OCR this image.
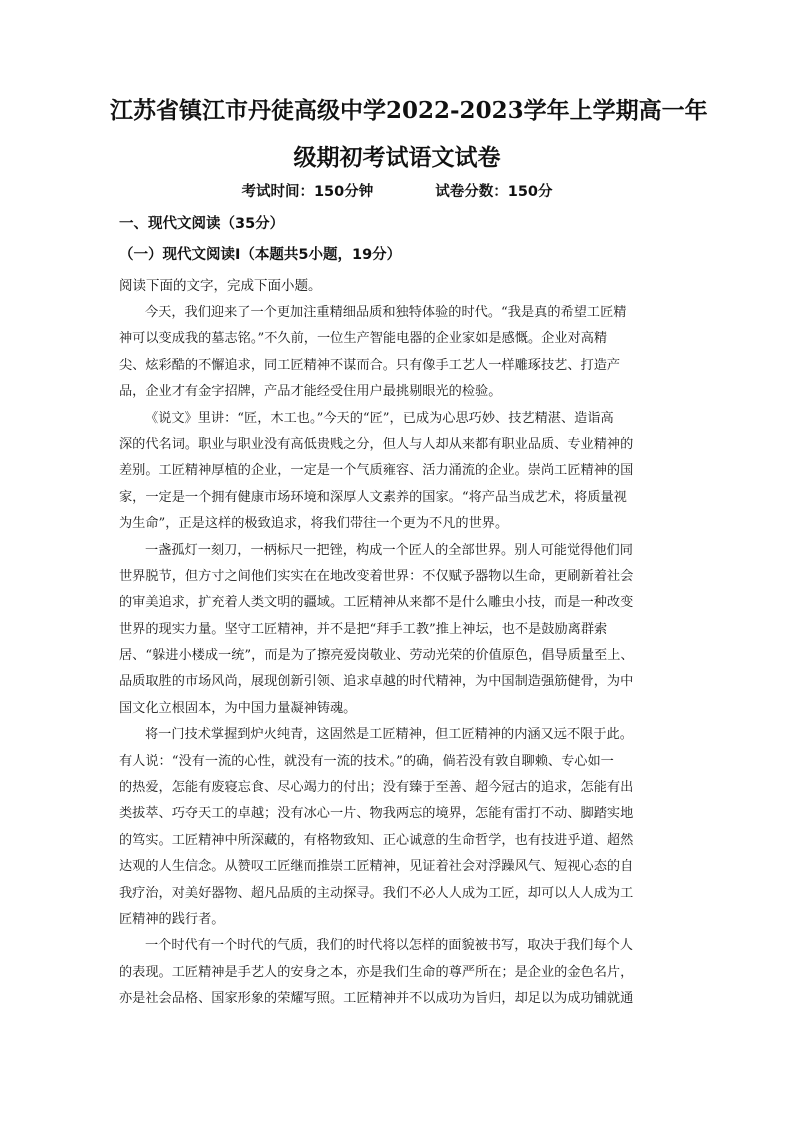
江苏省镇江市丹徒高级中学2022-2023学年上学期高一年
级期初考试语文试卷
考试时间：150分钟	试卷分数：150分
一、现代文阅读（35分）
（一）现代文阅读Ⅰ（本题共5小题，19分）
阅读下面的文字，完成下面小题。
今天，我们迎来了一个更加注重精细品质和独特体验的时代。“我是真的希望工匠精
神可以变成我的墓志铭。”不久前，一位生产智能电器的企业家如是感慨。企业对高精
尖、炫彩酷的不懈追求，同工匠精神不谋而合。只有像手工艺人一样雕琢技艺、打造产
品，企业才有金字招牌，产品才能经受住用户最挑剔眼光的检验。
《说文》里讲：“匠，木工也。”今天的“匠”，已成为心思巧妙、技艺精湛、造诣高
深的代名词。职业与职业没有高低贵贱之分，但人与人却从来都有职业品质、专业精神的
差别。工匠精神厚植的企业，一定是一个气质雍容、活力涌流的企业。崇尚工匠精神的国
家，一定是一个拥有健康市场环境和深厚人文素养的国家。“将产品当成艺术，将质量视
为生命”，正是这样的极致追求，将我们带往一个更为不凡的世界。
一盏孤灯一刻刀，一柄标尺一把锉，构成一个匠人的全部世界。别人可能觉得他们同
世界脱节，但方寸之间他们实实在在地改变着世界：不仅赋予器物以生命，更刷新着社会
的审美追求，扩充着人类文明的疆域。工匠精神从来都不是什么雕虫小技，而是一种改变
世界的现实力量。坚守工匠精神，并不是把“拜手工教”推上神坛，也不是鼓励离群索
居、“躲进小楼成一统”，而是为了擦亮爱岗敬业、劳动光荣的价值原色，倡导质量至上、
品质取胜的市场风尚，展现创新引领、追求卓越的时代精神，为中国制造强筋健骨，为中
国文化立根固本，为中国力量凝神铸魂。
将一门技术掌握到炉火纯青，这固然是工匠精神，但工匠精神的内涵又远不限于此。
有人说：“没有一流的心性，就没有一流的技术。”的确，倘若没有敦自聊赖、专心如一
的热爱，怎能有废寝忘食、尽心竭力的付出；没有臻于至善、超今冠古的追求，怎能有出
类拔萃、巧夺天工的卓越；没有冰心一片、物我两忘的境界，怎能有雷打不动、脚踏实地
的笃实。工匠精神中所深藏的，有格物致知、正心诚意的生命哲学，也有技进乎道、超然
达观的人生信念。从赞叹工匠继而推崇工匠精神，见证着社会对浮躁风气、短视心态的自
我疗治，对美好器物、超凡品质的主动探寻。我们不必人人成为工匠，却可以人人成为工
匠精神的践行者。
一个时代有一个时代的气质，我们的时代将以怎样的面貌被书写，取决于我们每个人
的表现。工匠精神是手艺人的安身之本，亦是我们生命的尊严所在；是企业的金色名片，
亦是社会品格、国家形象的荣耀写照。工匠精神并不以成功为旨归，却足以为成功铺就通
